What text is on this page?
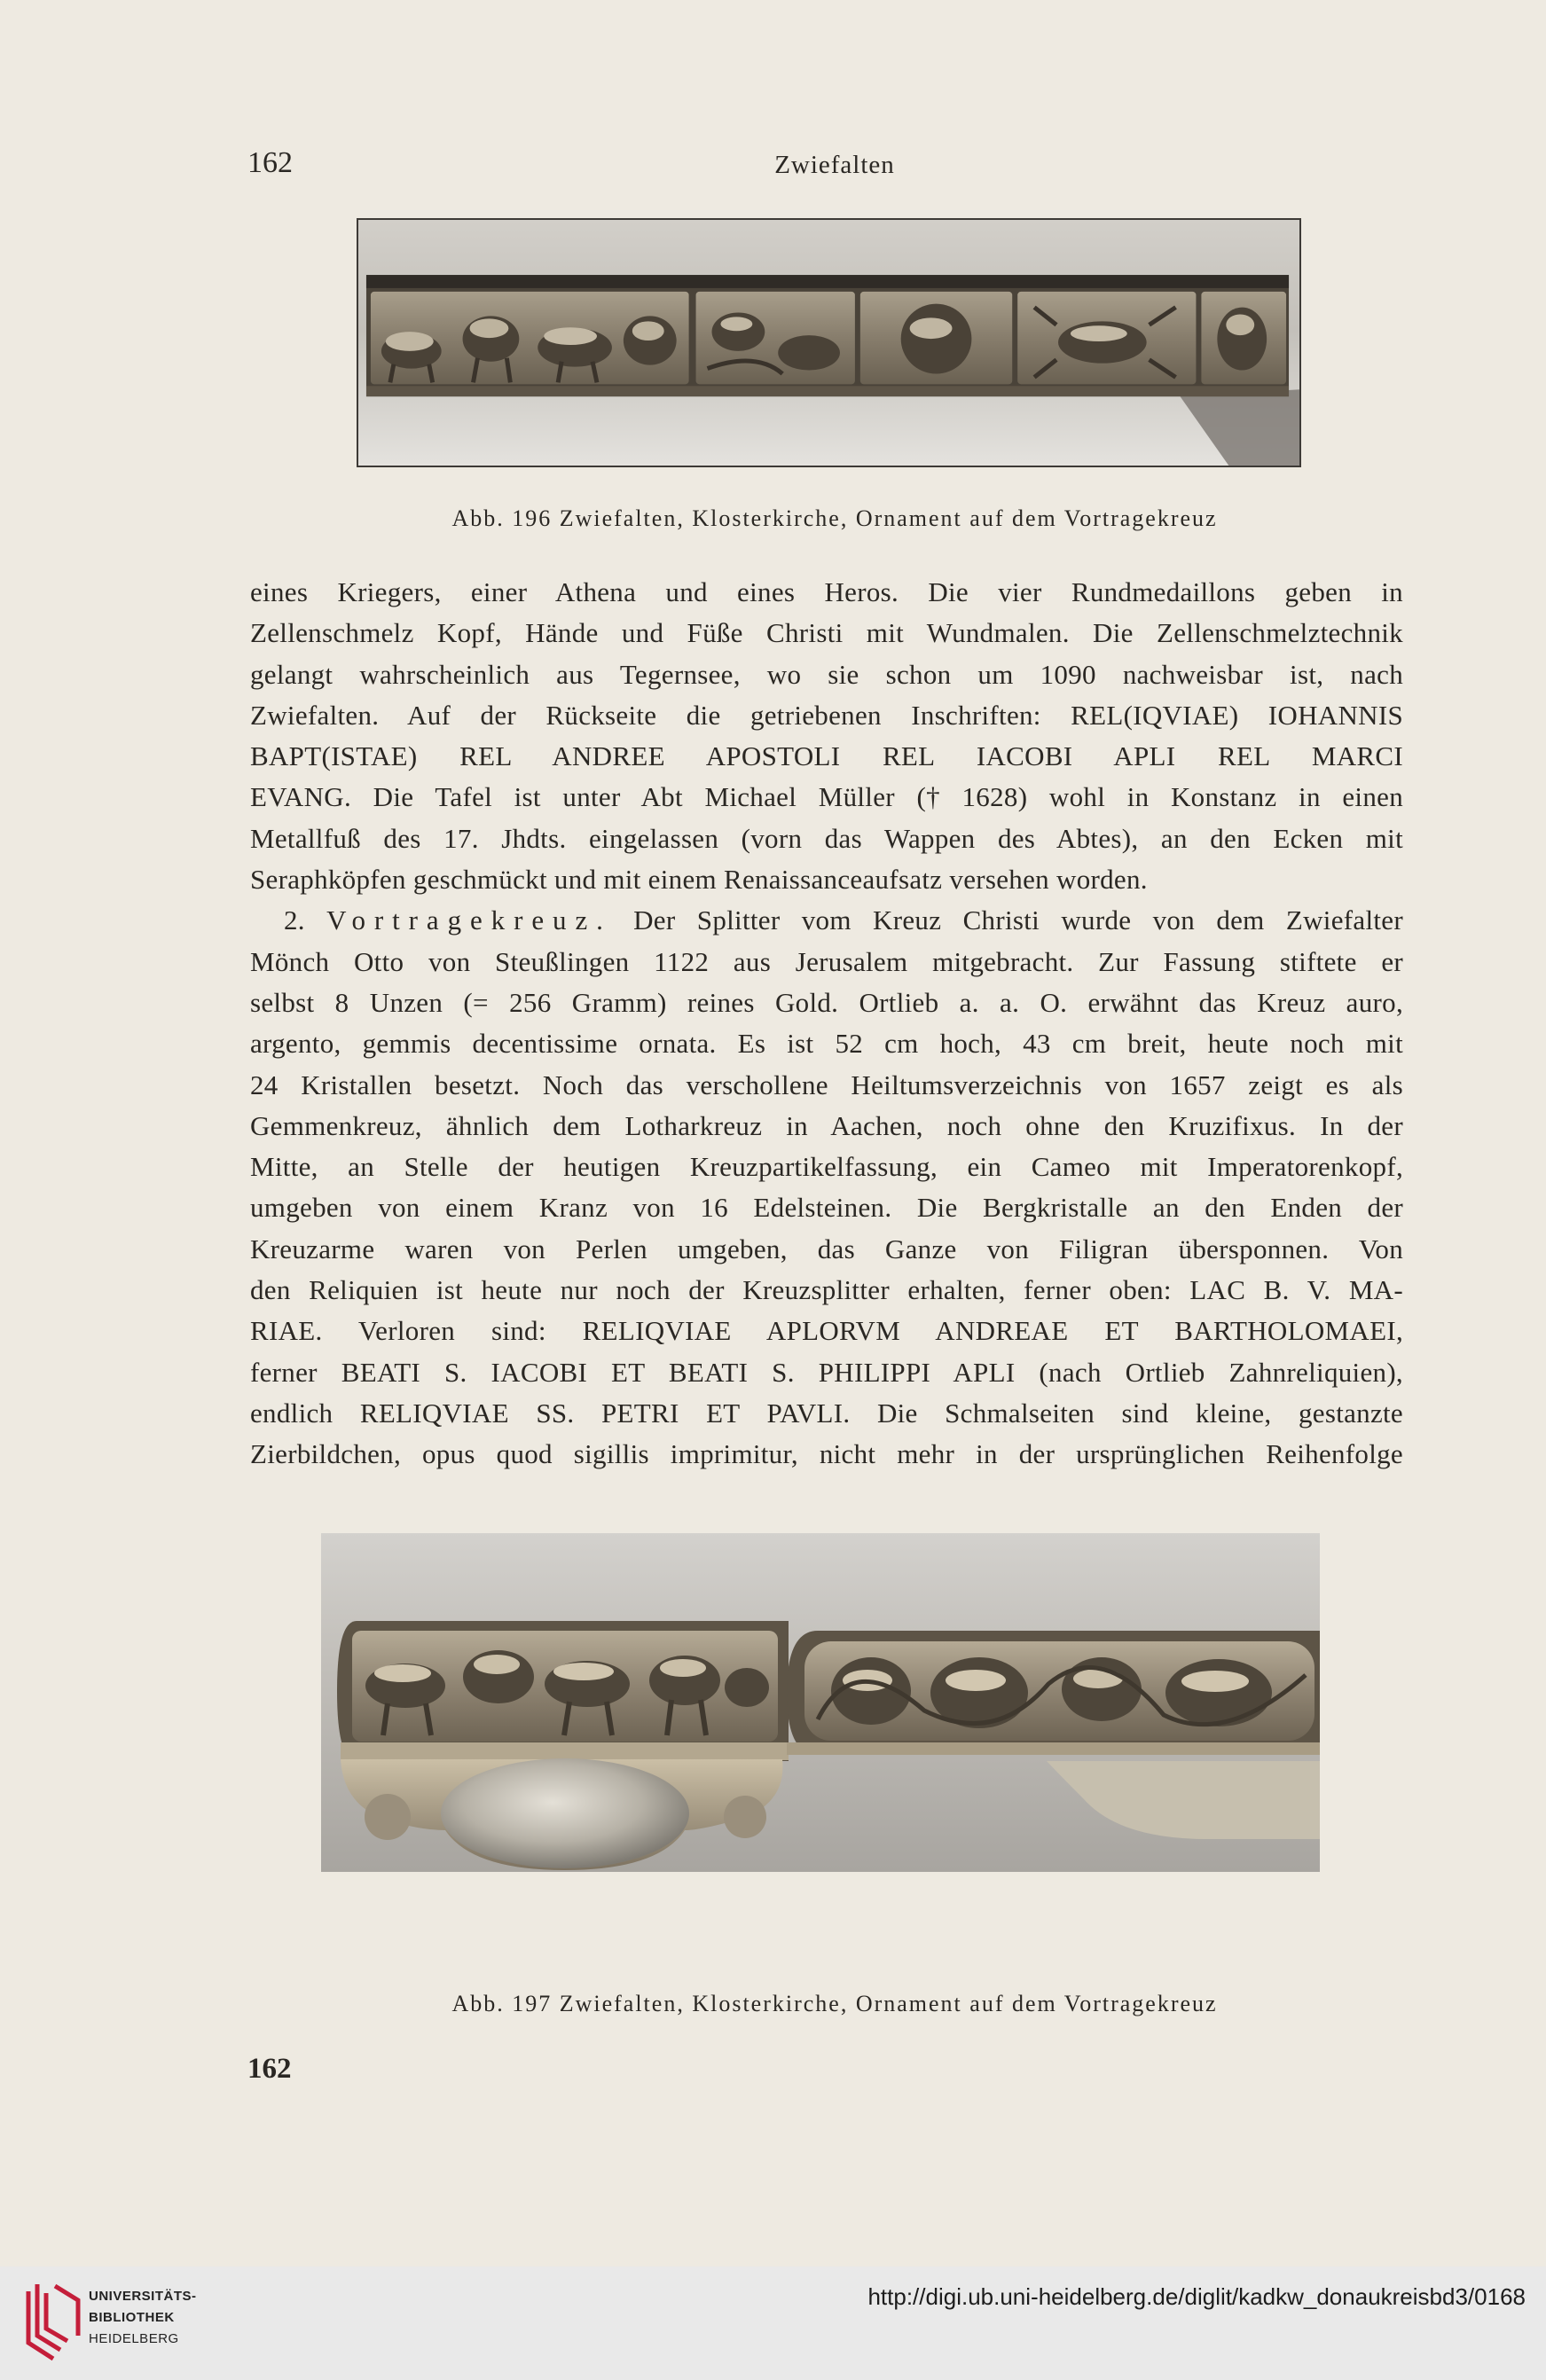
162	Zwiefalten
Abb. 196 Zwiefalten, Klosterkirche, Ornament auf dem Vortragekreuz
eines Kriegers, einer Athena und eines Heros. Die vier Rundmedaillons geben in
Zellenschmelz Kopf, Hände und Füße Christi mit Wundmalen. Die Zellenschmelztechnik
gelangt wahrscheinlich aus Tegernsee, wo sie schon um 1090 nachweisbar ist, nach
Zwiefalten. Auf der Rückseite die getriebenen Inschriften: REL(IQVIAE) IOHANNIS
BAPT(ISTAE) REL ANDREE APOSTOLI REL IACOBI APLI REL MARCI
EVANG. Die Tafel ist unter Abt Michael Müller († 1628) wohl in Konstanz in einen
Metallfuß des 17. Jhdts. eingelassen (vorn das Wappen des Abtes), an den Ecken mit
Seraphköpfen geschmückt und mit einem Renaissanceaufsatz versehen worden.
2. Vortragekreuz. Der Splitter vom Kreuz Christi wurde von dem Zwiefalter
Mönch Otto von Steußlingen 1122 aus Jerusalem mitgebracht. Zur Fassung stiftete er
selbst 8 Unzen (= 256 Gramm) reines Gold. Ortlieb a. a. O. erwähnt das Kreuz auro,
argento, gemmis decentissime ornata. Es ist 52 cm hoch, 43 cm breit, heute noch mit
24 Kristallen besetzt. Noch das verschollene Heiltumsverzeichnis von 1657 zeigt es als
Gemmenkreuz, ähnlich dem Lotharkreuz in Aachen, noch ohne den Kruzifixus. In der
Mitte, an Stelle der heutigen Kreuzpartikelfassung, ein Cameo mit Imperatorenkopf,
umgeben von einem Kranz von 16 Edelsteinen. Die Bergkristalle an den Enden der
Kreuzarme waren von Perlen umgeben, das Ganze von Filigran übersponnen. Von
den Reliquien ist heute nur noch der Kreuzsplitter erhalten, ferner oben: LAC B. V. MA-
RIAE. Verloren sind: RELIQVIAE APLORVM ANDREAE ET BARTHOLOMAEI,
ferner BEATI S. IACOBI ET BEATI S. PHILIPPI APLI (nach Ortlieb Zahnreliquien),
endlich RELIQVIAE SS. PETRI ET PAVLI. Die Schmalseiten sind kleine, gestanzte
Zierbildchen, opus quod sigillis imprimitur, nicht mehr in der ursprünglichen Reihenfolge
Abb. 197 Zwiefalten, Klosterkirche, Ornament auf dem Vortragekreuz
162
UNIVERSITÄTS-
BIBLIOTHEK
HEIDELBERG
http://digi.ub.uni-heidelberg.de/diglit/kadkw_donaukreisbd3/0168
